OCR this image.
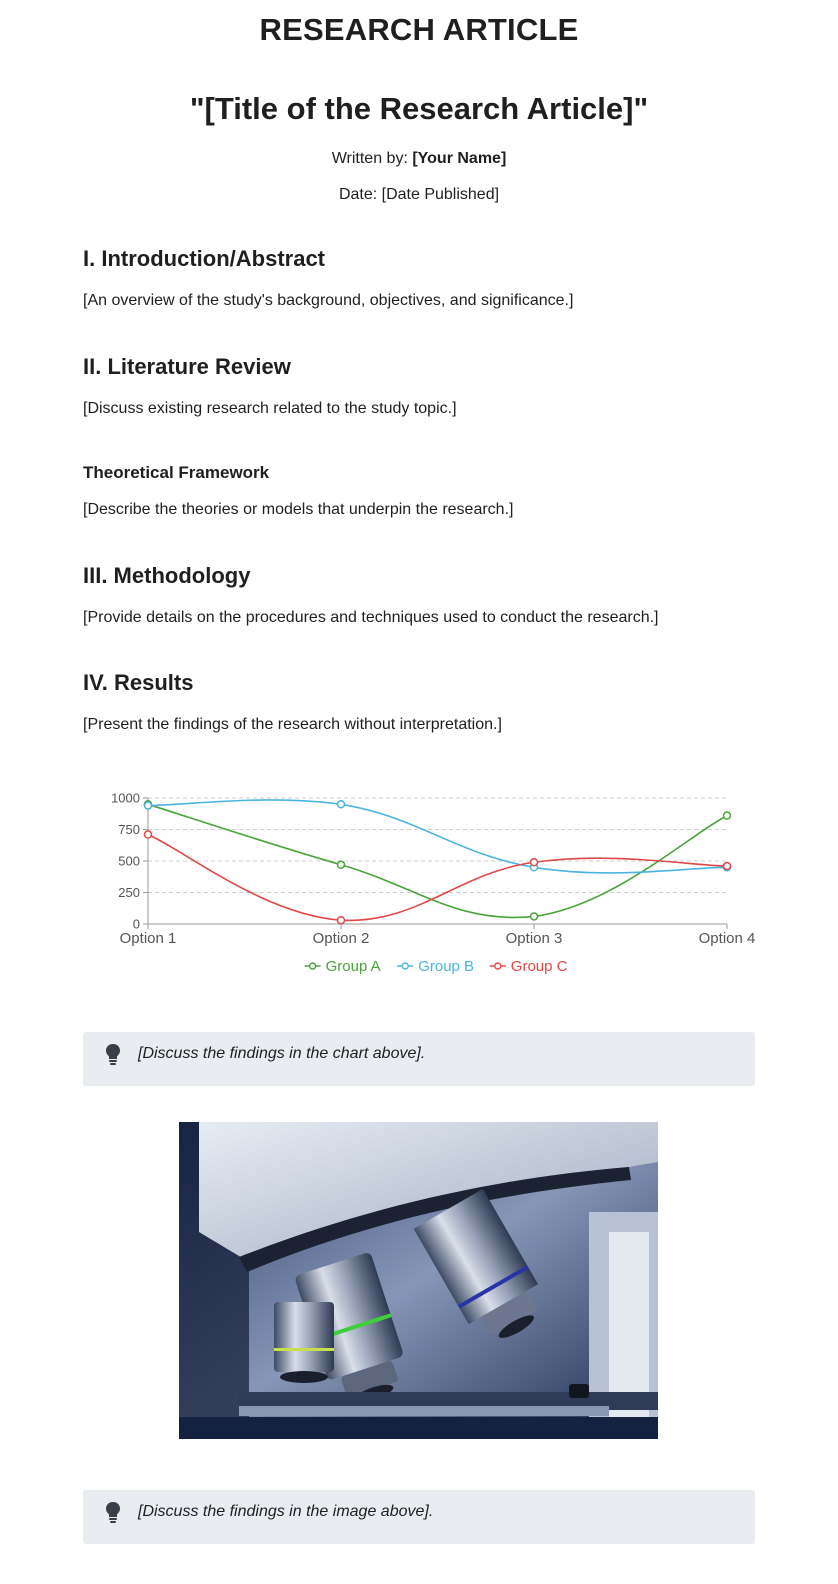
RESEARCH ARTICLE
"[Title of the Research Article]"
Written by: [Your Name]
Date: [Date Published]
I. Introduction/Abstract
[An overview of the study's background, objectives, and significance.]
II. Literature Review
[Discuss existing research related to the study topic.]
Theoretical Framework
[Describe the theories or models that underpin the research.]
III. Methodology
[Provide details on the procedures and techniques used to conduct the research.]
IV. Results
[Present the findings of the research without interpretation.]
0
250
500
750
1000
Option 1	Option 2	Option 3	Option 4
Group A	Group B Group C
[Discuss the findings in the chart above].
[Discuss the findings in the image above].
